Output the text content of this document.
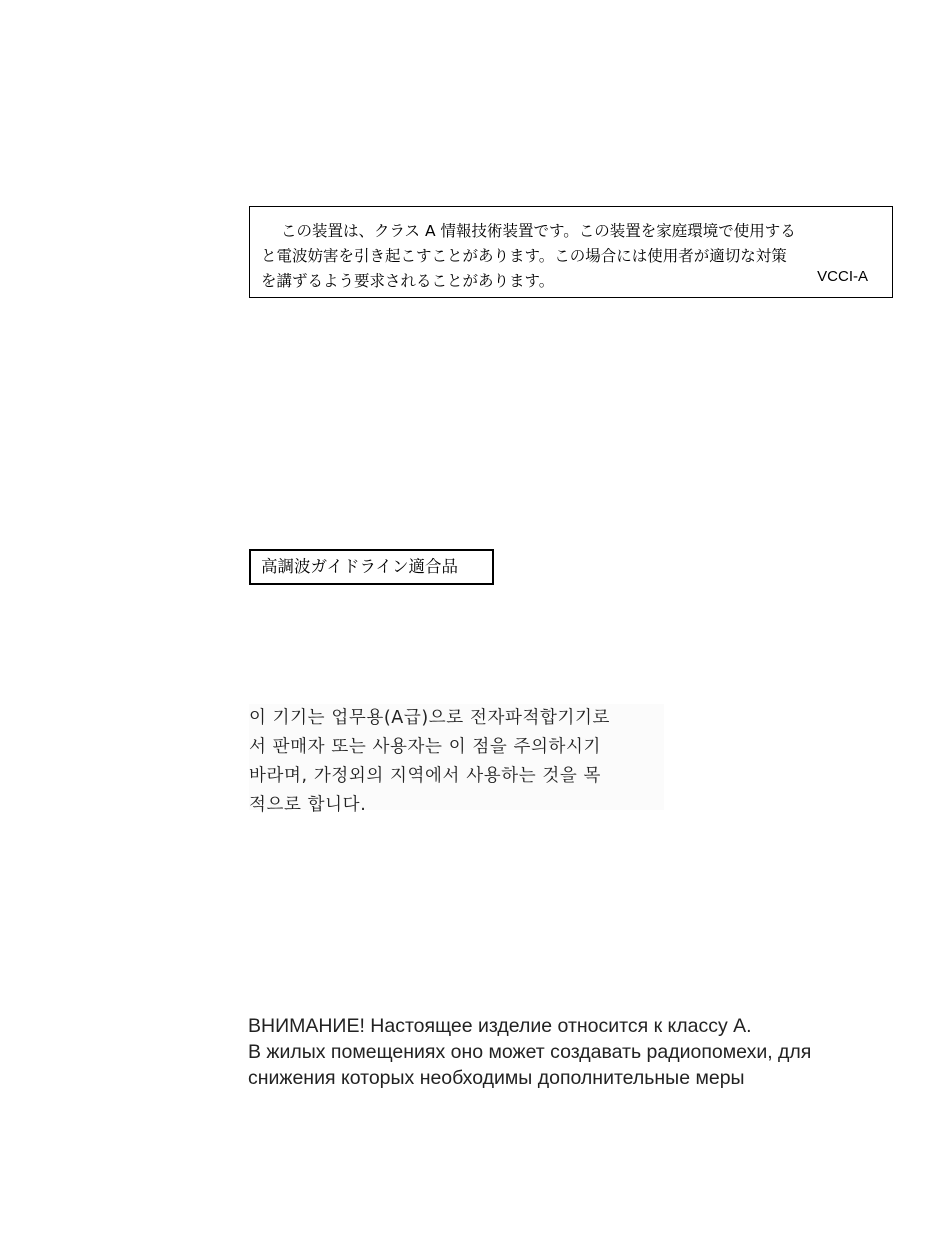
この装置は、クラス A 情報技術装置です。この装置を家庭環境で使用する
と電波妨害を引き起こすことがあります。この場合には使用者が適切な対策
を講ずるよう要求されることがあります。	VCCI-A
高調波ガイドライン適合品
이 기기는 업무용(A급)으로 전자파적합기기로
서 판매자 또는 사용자는 이 점을 주의하시기
바라며, 가정외의 지역에서 사용하는 것을 목
적으로 합니다.
ВНИМАНИЕ! Настоящее изделие относится к классу А.
В жилых помещениях оно может создавать радиопомехи, для
снижения которых необходимы дополнительные меры
